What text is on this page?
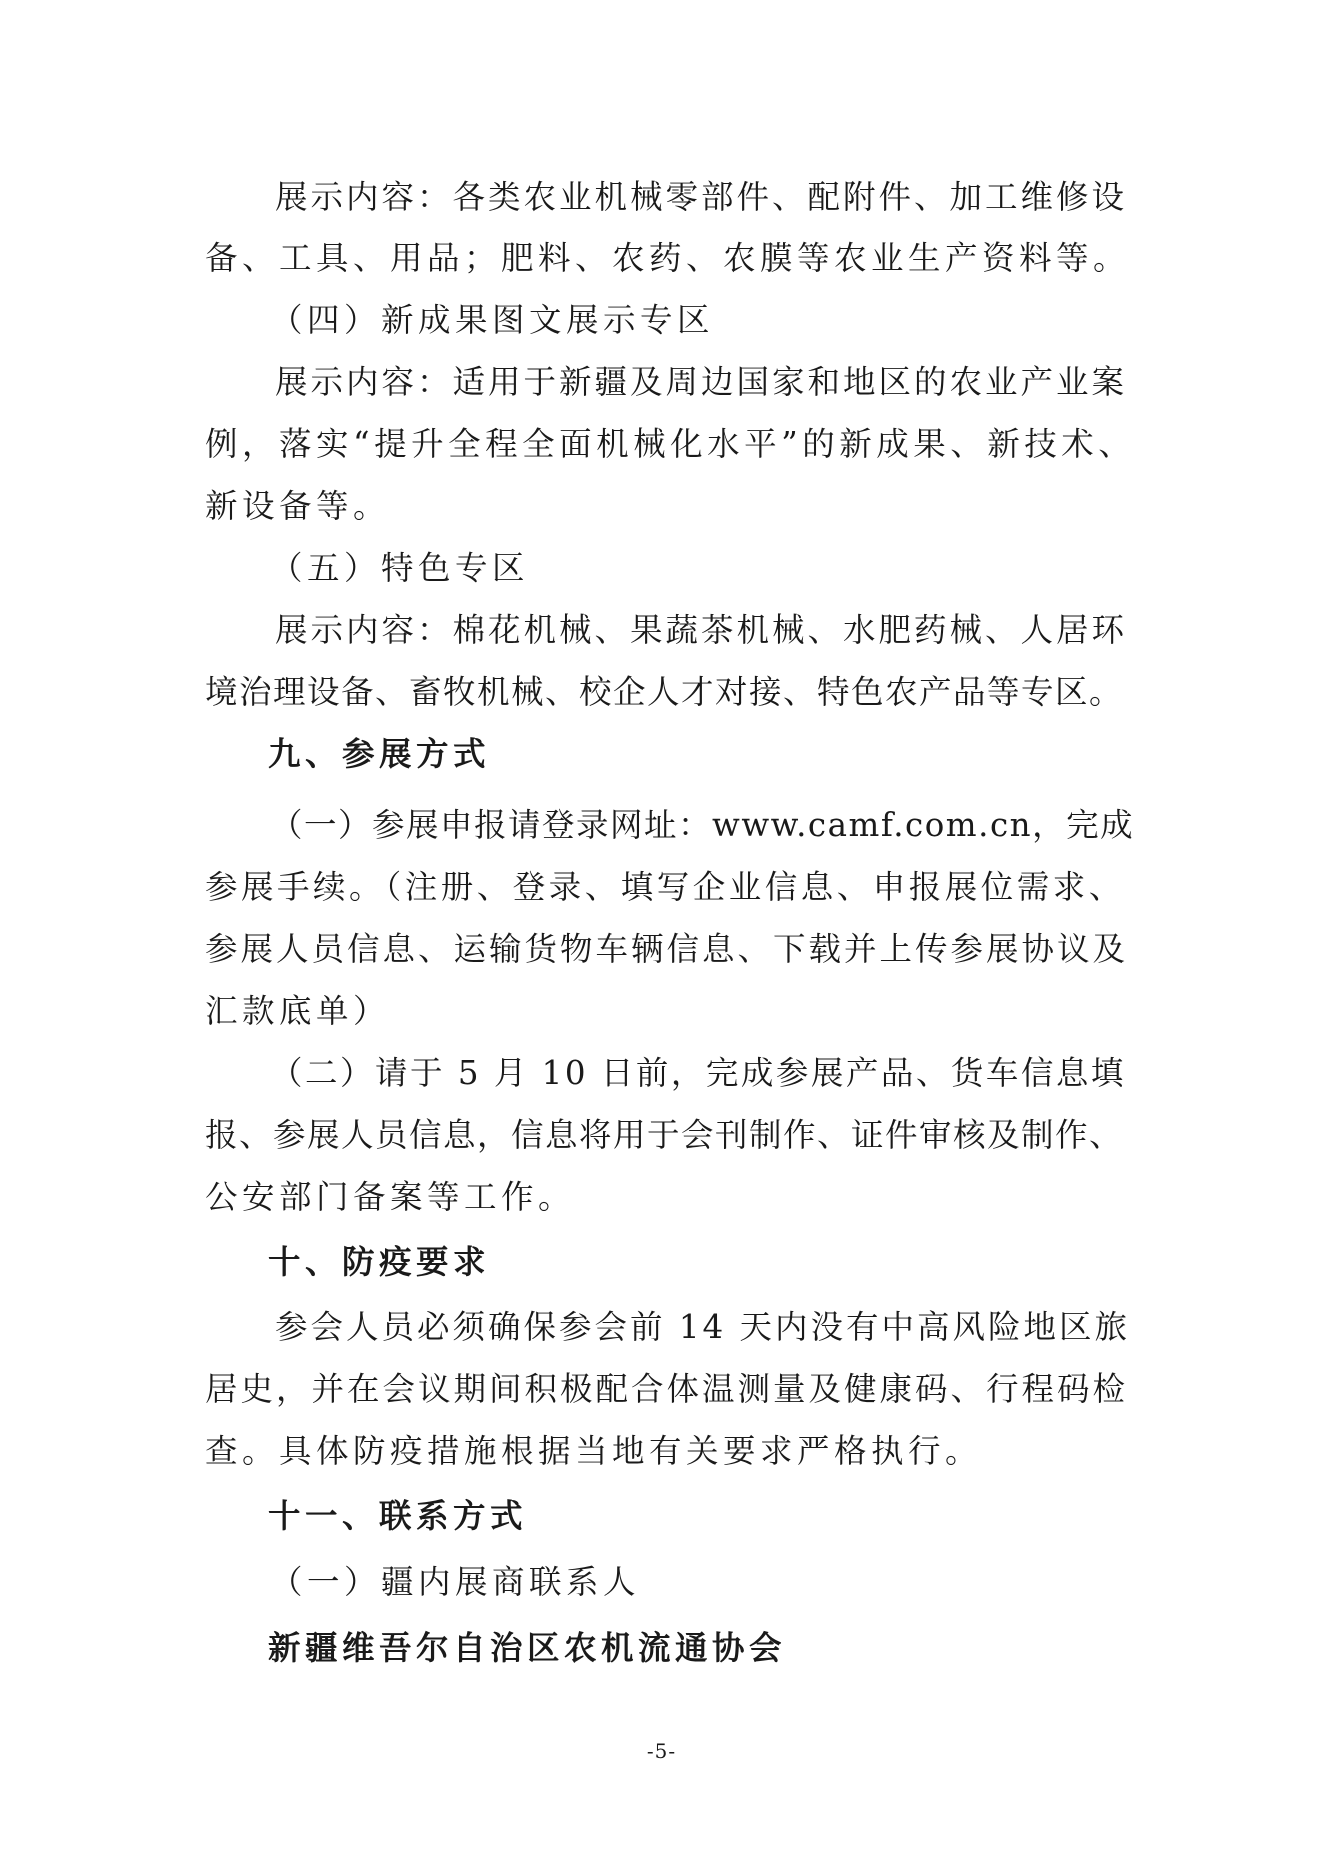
展示内容：各类农业机械零部件、配附件、加工维修设
备、工具、用品；肥料、农药、农膜等农业生产资料等。
（四）新成果图文展示专区
展示内容：适用于新疆及周边国家和地区的农业产业案
例，落实“提升全程全面机械化水平”的新成果、新技术、
新设备等。
（五）特色专区
展示内容：棉花机械、果蔬茶机械、水肥药械、人居环
境治理设备、畜牧机械、校企人才对接、特色农产品等专区。
九、参展方式
（一）参展申报请登录网址：www.camf.com.cn，完成
参展手续。（注册、登录、填写企业信息、申报展位需求、
参展人员信息、运输货物车辆信息、下载并上传参展协议及
汇款底单）
（二）请于 5 月 10 日前，完成参展产品、货车信息填
报、参展人员信息，信息将用于会刊制作、证件审核及制作、
公安部门备案等工作。
十、防疫要求
参会人员必须确保参会前 14 天内没有中高风险地区旅
居史，并在会议期间积极配合体温测量及健康码、行程码检
查。具体防疫措施根据当地有关要求严格执行。
十一、联系方式
（一）疆内展商联系人
新疆维吾尔自治区农机流通协会
-5-
